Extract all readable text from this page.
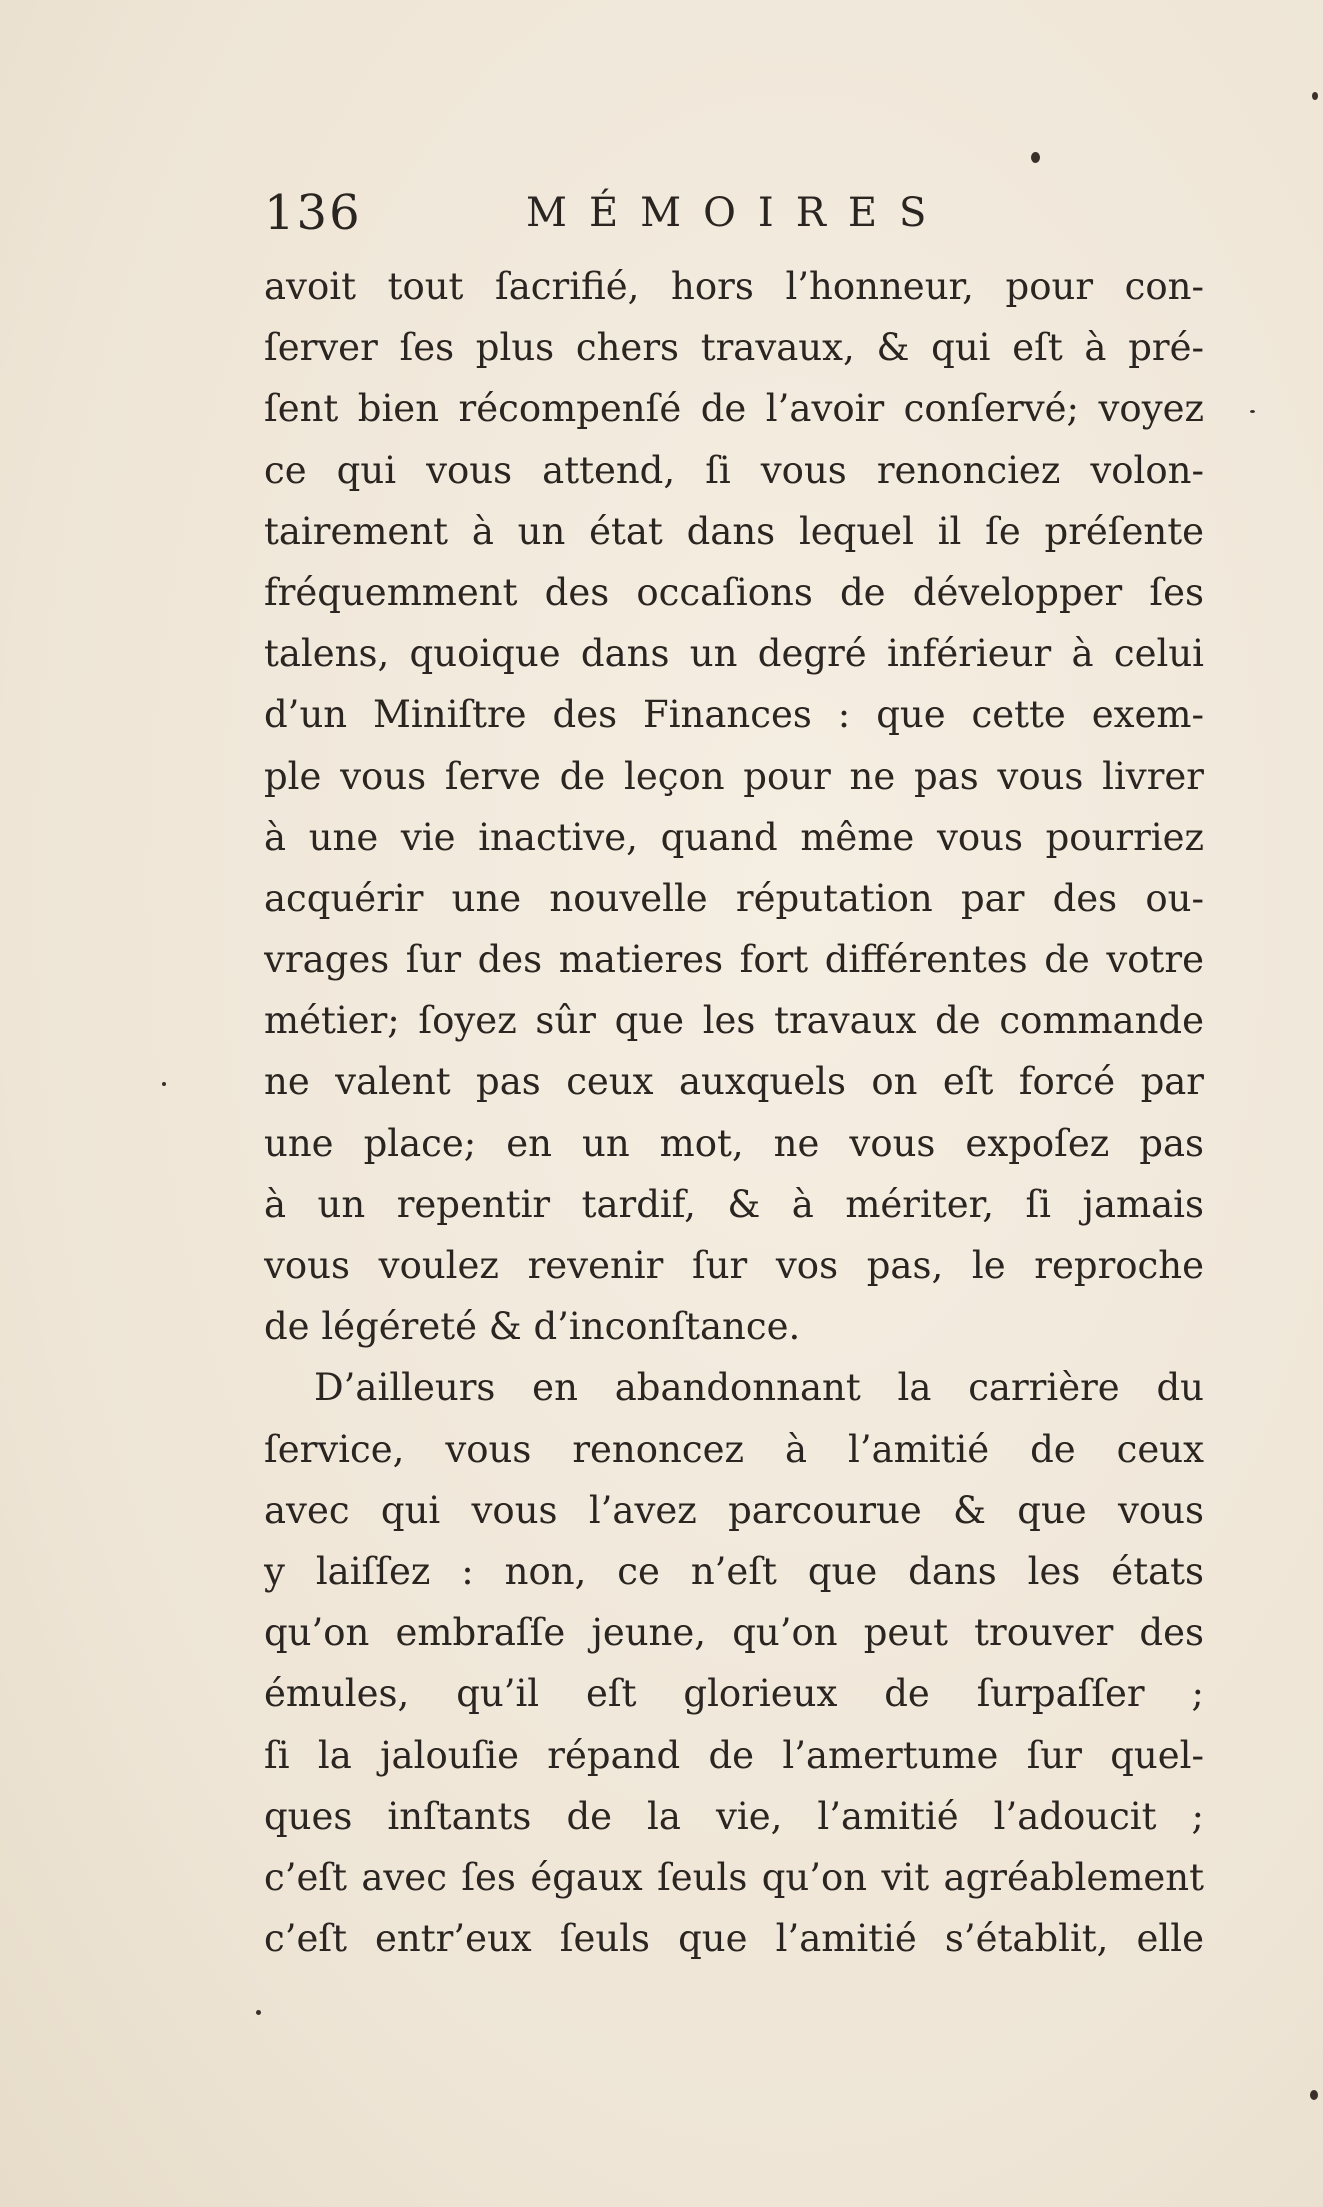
136	MÉMOIRES
avoit tout ſacrifié, hors l’honneur, pour con-
ſerver ſes plus chers travaux, & qui eſt à pré-
ſent bien récompenſé de l’avoir conſervé; voyez
ce qui vous attend, ſi vous renonciez volon-
tairement à un état dans lequel il ſe préſente
fréquemment des occaſions de développer ſes
talens, quoique dans un degré inférieur à celui
d’un Miniſtre des Finances : que cette exem-
ple vous ſerve de leçon pour ne pas vous livrer
à une vie inactive, quand même vous pourriez
acquérir une nouvelle réputation par des ou-
vrages ſur des matieres fort différentes de votre
métier; ſoyez sûr que les travaux de commande
ne valent pas ceux auxquels on eſt forcé par
une place; en un mot, ne vous expoſez pas
à un repentir tardif, & à mériter, ſi jamais
vous voulez revenir ſur vos pas, le reproche
de légéreté & d’inconſtance.
D’ailleurs en abandonnant la carrière du
ſervice, vous renoncez à l’amitié de ceux
avec qui vous l’avez parcourue & que vous
y laiſſez : non, ce n’eſt que dans les états
qu’on embraſſe jeune, qu’on peut trouver des
émules, qu’il eſt glorieux de ſurpaſſer ;
ſi la jalouſie répand de l’amertume ſur quel-
ques inſtants de la vie, l’amitié l’adoucit ;
c’eſt avec ſes égaux ſeuls qu’on vit agréablement
c’eſt entr’eux ſeuls que l’amitié s’établit, elle
